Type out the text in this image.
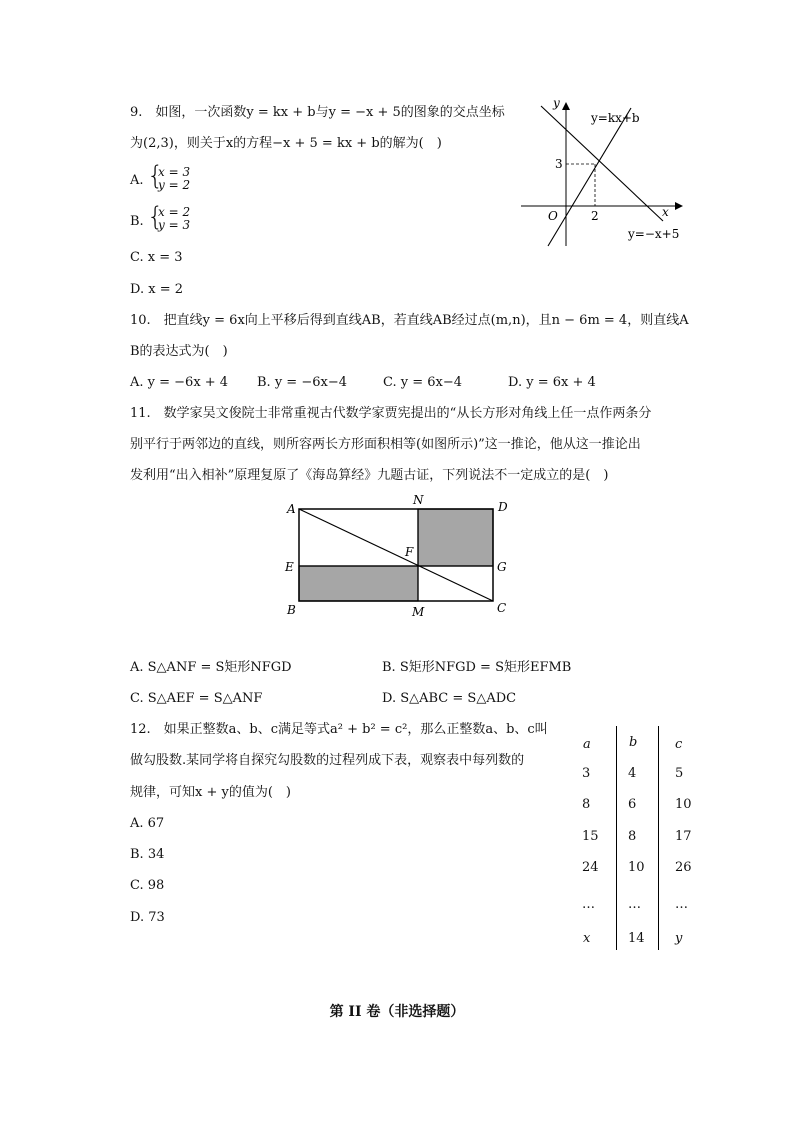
9.　如图，一次函数y = kx + b与y = −x + 5的图象的交点坐标
为(2,3)，则关于x的方程−x + 5 = kx + b的解为(　)
A. {
x = 3
y = 2
B. {
x = 2
y = 3
C. x = 3
D. x = 2
y
x
O
3
2
y=kx+b
y=−x+5
10.　把直线y = 6x向上平移后得到直线AB，若直线AB经过点(m,n)，且n − 6m = 4，则直线A
B的表达式为(　)
A. y = −6x + 4 B. y = −6x−4	C. y = 6x−4	D. y = 6x + 4
11.　数学家吴文俊院士非常重视古代数学家贾宪提出的“从长方形对角线上任一点作两条分
别平行于两邻边的直线，则所容两长方形面积相等(如图所示)”这一推论，他从这一推论出
发利用“出入相补”原理复原了《海岛算经》九题古证，下列说法不一定成立的是(　)
A	D
N
F
E	G
B	M	C
A. S△ANF = S矩形NFGD	B. S矩形NFGD = S矩形EFMB
C. S△AEF = S△ANF	D. S△ABC = S△ADC
12.　如果正整数a、b、c满足等式a² + b² = c²，那么正整数a、b、c叫
做勾股数.某同学将自探究勾股数的过程列成下表，观察表中每列数的
规律，可知x + y的值为(　)
A. 67
B. 34
C. 98
D. 73
a	b	c
3	4	5
8	6	10
15 8	17
24 10 26
…	…	…
x	14 y
第 II 卷（非选择题）
